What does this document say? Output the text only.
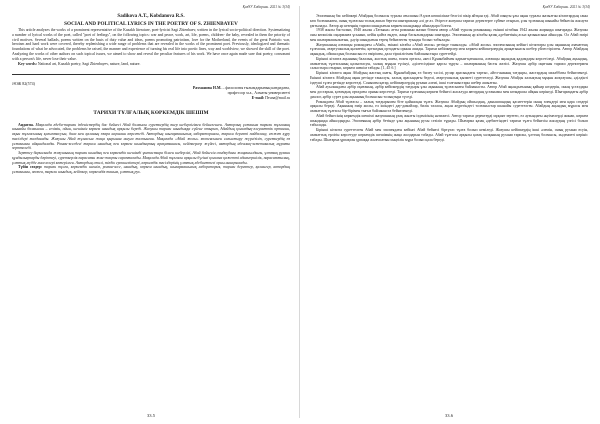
ҚазҰУ Хабаршы. 2021 № 3(34)
Sadikova A.T., Kobdanova R.S.
SOCIAL AND POLITICAL LYRICS IN THE POETRY OF S. ZHIENBAYEV

This article analyzes the works of a prominent representative of the Kazakh literature, poet-lyricist Sagi Zhienbaev, written in the lyrical socio-political direction. Systematizing a number of lyrical works of the poet, called "poet of feelings", on the following topics: war and peace, work, art, life, poems, children- the baby, revealed in them the priority of civil motives. Several ballads, poems written on the basis of duty value and ideas, poems promoting patriotism, love for the Motherland, the events of the great Patriotic war, heroism and hard work were covered, thereby replenishing a wide range of problems that are revealed in the works of the prominent poet. Previously, ideologized and thematic foundations of what he advocated, the problems he raised, the manner and experience of turning his real life into poetic lines, way and worldview, we showed the skill of the poet. Analyzing the works of other authors on such topical issues, we aimed to show and reveal the peculiar features of his work. We have once again made sure that poetry, consonant with a person's life, never lose their value.

Key words: National art, Kazakh poetry, Sagi Zhienbayev, nature, land, nature.

ӘОЖ 82(574)
Рахманова Н.М. – филология ғылымдарының кандидаты,
профессор м.а., Алматы университеті
E-mail: Птuna@mail.ru
ТАРИХИ ТҰЛҒАЛЫҚ КӨРКЕМДІК ШЕШІМ

Аңдатпа. Мақалада әдеби-тарихи ізденістердің бас бейнесі Абай болмысы суреткердің өнер шеберлігімен бейнеленген. Авторлық ұстаным тарихи тұлғаның шынайы болмысын – сезімін, ойын, шешімін көркем шындық арқылы береді. Жазушы тарихи шындыққа сүйене отырып, Абайдың қоғамдық-әлеуметтік ортасын, ақын тұлғасының қалыптасуын, дала мен қаланың өзара ықпалын көрсетеді. Автордың шығармашылық лабораториясы, тарихи деректі пайдалану, сюжет құру тәсілдері талданады. Жазушы Абай тұлғасын жаңа қырынан ашуға талпынған. Мақалада «Абай жолы» эпопеясымен салыстыру жүргізіліп, суреткердің өз ұстанымы айқындалады. Роман-эсседегі тарихи шындық пен көркем шындықтың арақатынасы, кейіпкерлер жүйесі, автордың идеялық-эстетикалық мұраты зерттеледі.

Зерттеу барысында жазушының тарихи шындық пен көркемдік шешімді ұштастыра білген шеберлігі, Абай бейнесін сомдаудағы жаңашылдығы, ұлттық рухани құндылықтарды дәріптеуі, суреткерлік парасаты жан-жақты сарапталады. Мақалада Абай тұлғасы арқылы бүгінгі қоғамға қажетті адамгершілік, парасаттылық, ұлттық мүдде мәселелері көтерілген. Автордың стилі, тілдік ерекшеліктері, көркемдік тәсілдерінің ұлттық әдебиеттегі орны анықталады.

Түйін сөздер: тарихи тұлға, көркемдік шешім, роман-эссе, шындық, көркем шындық, шығармашылық лаборатория, тарихи деректер, қаламгер, автордың ұстанымы, эпопея, тарихи шындық, кейіпкер, көркемдік таным, ұлттық рух.

33.5
ҚазҰУ Хабаршы. 2021 № 3(34)

Эпопеяның бас кейіпкері Абайдың болмысы туралы ағылшын Ә.ұзов көпшілікке белгілі пікір айтқан еді. Абай сияқты ұлы ақын туралы жазылған кітаптардың саны көп болғанымен, оның тұлғасын толық ашып берген шығармалар әлі де аз. Әсіресе жазушы тарихи деректерге сүйене отырып, ұлы тұлғаның шынайы бейнесін жасауға ұмтылады. Автор әр кезеңнің тарихи шындығын көркем шындыққа айналдыра білген.

1938 жылы басталып, 1940 жылы «Татьяна» атты романын жазып біткен автор «Абай туралы романның» екінші кітабын 1942 жылы жарыққа шығарады. Жазушы оны көпшілік оқырманға ұсынып, кейін қайта өңдеп, жаңа басылымдарын шығарды. Эпопеяның әр кітабы қазақ әдебиетінің асыл қазынасына айналды. Ол Абай өмірі мен шығармашылығын, дәуір шындығын терең бейнелеген туынды болып табылады.

Жазушының алғашқы романдағы «Абай», екінші кітабы «Абай ағасы» ретінде танылады. «Абай жолы» эпопеясының кейінгі кітаптары ұлы ақынның азаматтық тұлғасын, ағартушылық қызметін, қоғамдық ортадағы орнын ашады. Тарихи кейіпкерлер мен көркем кейіпкерлердің арақатынасы шебер үйлестірілген. Автор Абайдың ақындық, ойшылдық болмысын ел өмірімен, дала тіршілігімен байланыстыра суреттейді.

Бірінші кітапта ақынның балалық, жастық шағы, өскен ортасы, әкесі Құнанбаймен қарым-қатынасы, алғашқы ақындық қадамдары көрсетіледі. Абайдың ақындық, азаматтық тұлғасының қалыптасуы, халық мұңын түсінуі, әділетсіздікке қарсы тұруы – шығарманың басты желісі. Жазушы әрбір оқиғаны тарихи деректермен салыстыра отырып, көркем шешім табады. [1, 45 б.]

Бірінші кітапта ақын Абайдың жастық шағы, Құнанбайдың ел билеу тәсілі, рулар арасындағы тартыс, әйел-ананың тағдыры, жастардың махаббаты бейнеленеді. Екінші кітапта Абайдың ақын ретінде танылуы, халық арасындағы беделі, ағартушылық қызметі суреттеледі. Жазушы Абайды халықтың мұңын жоқтаушы, әділдікті іздеуші тұлға ретінде көрсетеді. Сонымен қатар, кейіпкерлердің рухани әлемі, ішкі толғаныстары шебер ашылған.

Абай ауылындағы әрбір оқиғаның, әрбір кейіпкердің тағдыры ұлы ақынның тұлғасымен байланысты. Автор Абай ақындығының қайнар көздерін, оның ұстаздары мен достарын, қоғамдық ортадағы орнын көрсетеді. Тарихи тұлғаның көркем бейнесі жасалуда автордың ұстанымы мен көзқарасы айқын көрінеді. Шығармадағы әрбір диалог, әрбір сурет ұлы ақынның болмысын толықтыра түседі.

Романдағы Абай тұлғасы – халық тағдырымен біте қайнасқан тұлға. Жазушы Абайдың ойшылдық, данышпандық қасиеттерін оның өлеңдері мен қара сөздері арқылы береді. Ақынның өмір жолы, ел ішіндегі дау-дамайлар, билік таласы, ақын жүрегіндегі толғаныстар шынайы суреттелген. Абайдың ақындық мұрасы мен азаматтық тұлғасы бір-бірімен тығыз байланыста бейнеленеді.

Абай бейнесінің көркемдік шешімі жазушының ұзақ жылғы ізденісінің нәтижесі. Автор тарихи деректерді мұқият зерттеп, ел аузындағы әңгімелерді жинап, көркем шындыққа айналдырды. Эпопеяның әрбір бетінде ұлы ақынның рухы сезіліп тұрады. Шығарма қазақ әдебиетіндегі тарихи тұлға бейнесін жасаудың үлгісі болып табылады.

Бірінші кітапта суреттелген Абай мен эпопеядағы кейінгі Абай бейнесі біртұтас тұлға болып кеміледі. Жазушы кейіпкердің ішкі әлемін, оның рухани өсуін, азаматтық ерлігін көрсетуде көркемдік шешімнің жаңа жолдарын табады. Абай тұлғасы арқылы қазақ халқының рухани тарихы, ұлттық болмысы, мәдениеті көрініс табады. Шығарма ұрпақтан ұрпаққа жалғасатын мәңгілік мұра болып қала береді.

33.6
